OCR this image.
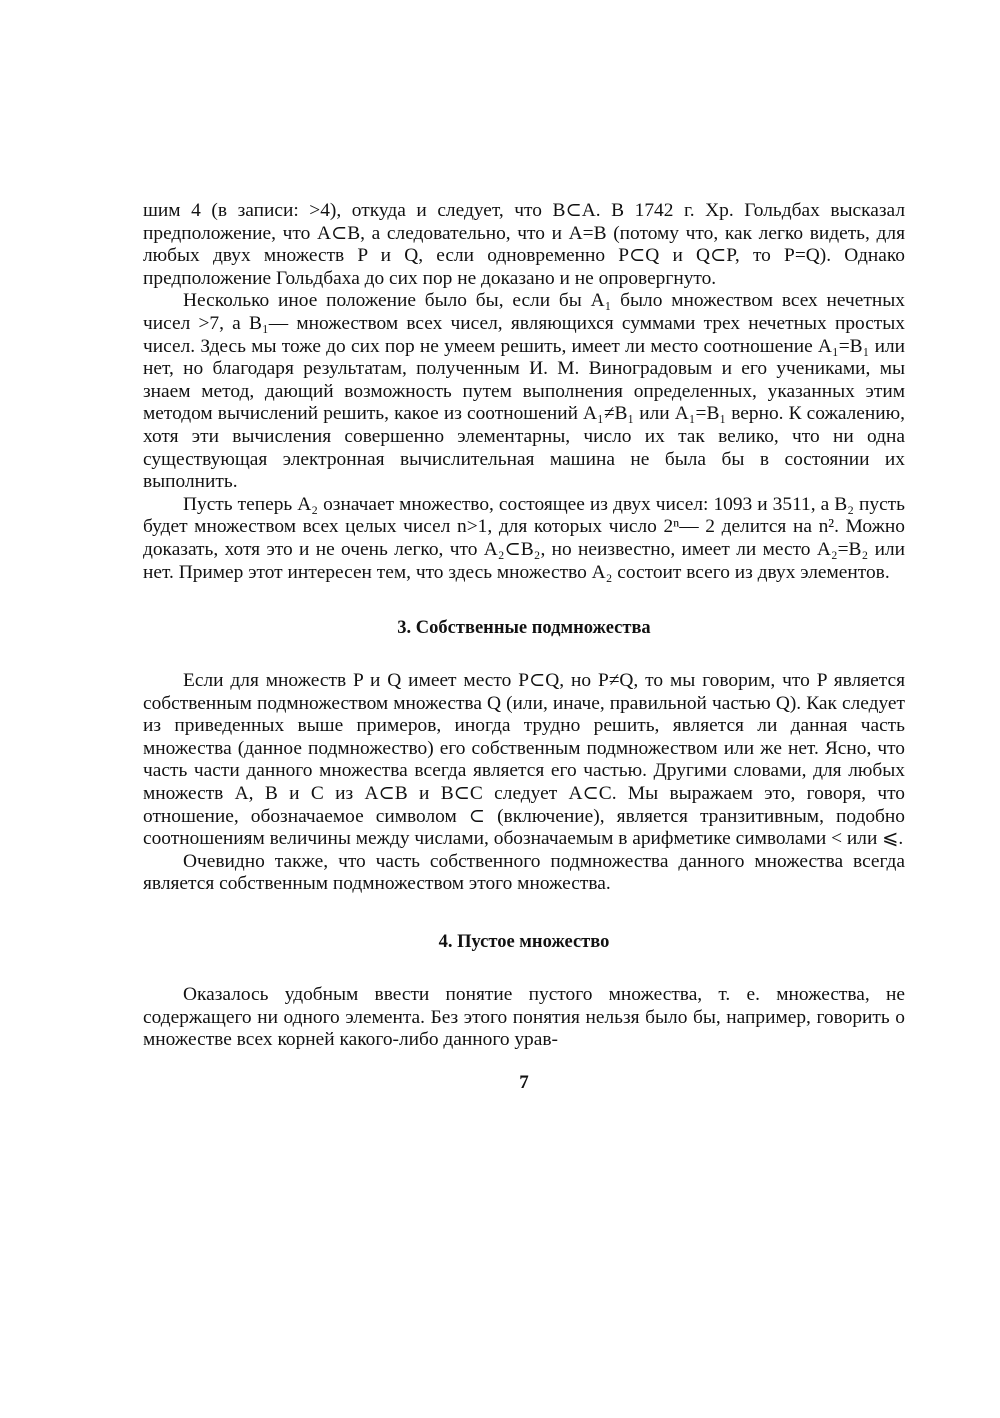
шим 4 (в записи: >4), откуда и следует, что B⊂A. В 1742 г. Хр. Гольдбах высказал предположение, что A⊂B, а следовательно, что и A=B (потому что, как легко видеть, для любых двух множеств P и Q, если одновременно P⊂Q и Q⊂P, то P=Q). Однако предположение Гольдбаха до сих пор не доказано и не опровергнуто.

Несколько иное положение было бы, если бы A₁ было множеством всех нечетных чисел >7, а B₁— множеством всех чисел, являющихся суммами трех нечетных простых чисел. Здесь мы тоже до сих пор не умеем решить, имеет ли место соотношение A₁=B₁ или нет, но благодаря результатам, полученным И. М. Виноградовым и его учениками, мы знаем метод, дающий возможность путем выполнения определенных, указанных этим методом вычислений решить, какое из соотношений A₁≠B₁ или A₁=B₁ верно. К сожалению, хотя эти вычисления совершенно элементарны, число их так велико, что ни одна существующая электронная вычислительная машина не была бы в состоянии их выполнить.

Пусть теперь A₂ означает множество, состоящее из двух чисел: 1093 и 3511, а B₂ пусть будет множеством всех целых чисел n>1, для которых число 2ⁿ— 2 делится на n². Можно доказать, хотя это и не очень легко, что A₂⊂B₂, но неизвестно, имеет ли место A₂=B₂ или нет. Пример этот интересен тем, что здесь множество A₂ состоит всего из двух элементов.

3. Собственные подмножества

Если для множеств P и Q имеет место P⊂Q, но P≠Q, то мы говорим, что P является собственным подмножеством множества Q (или, иначе, правильной частью Q). Как следует из приведенных выше примеров, иногда трудно решить, является ли данная часть множества (данное подмножество) его собственным подмножеством или же нет. Ясно, что часть части данного множества всегда является его частью. Другими словами, для любых множеств A, B и C из A⊂B и B⊂C следует A⊂C. Мы выражаем это, говоря, что отношение, обозначаемое символом ⊂ (включение), является транзитивным, подобно соотношениям величины между числами, обозначаемым в арифметике символами < или ⩽.

Очевидно также, что часть собственного подмножества данного множества всегда является собственным подмножеством этого множества.

4. Пустое множество

Оказалось удобным ввести понятие пустого множества, т. е. множества, не содержащего ни одного элемента. Без этого понятия нельзя было бы, например, говорить о множестве всех корней какого-либо данного урав-

7
